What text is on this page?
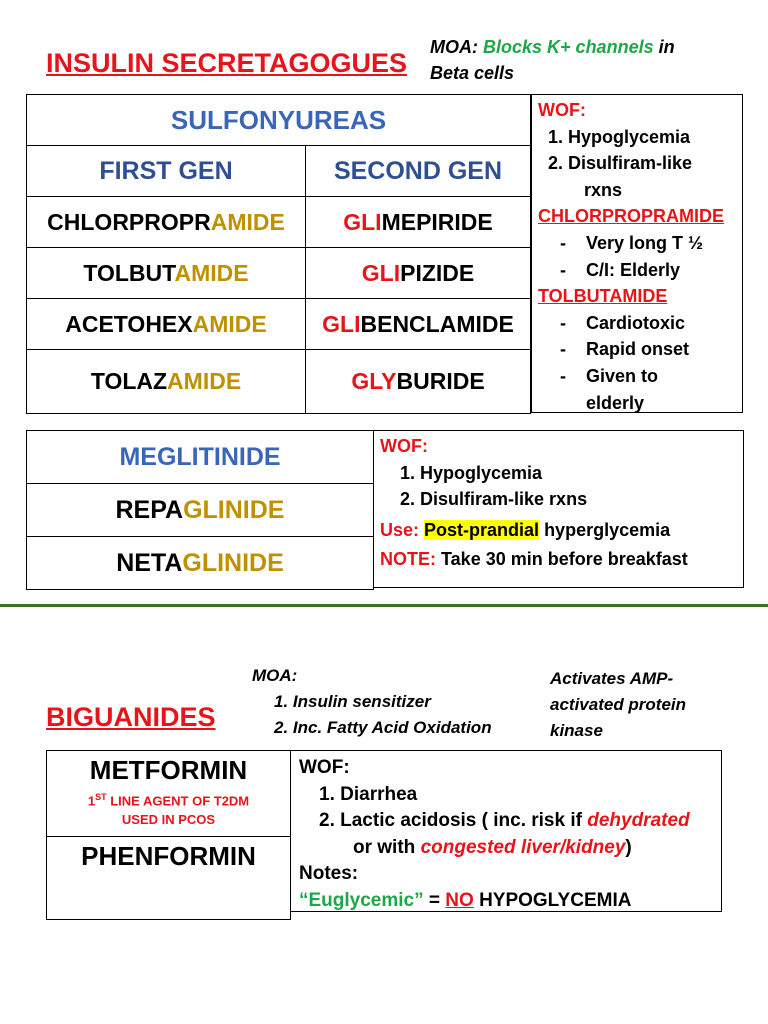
INSULIN SECRETAGOGUES
MOA: Blocks K+ channels in
Beta cells
SULFONYUREAS	
FIRST GEN	SECOND GEN
CHLORPROPRAMIDE	GLIMEPIRIDE
TOLBUTAMIDE	GLIPIZIDE
ACETOHEXAMIDE	GLIBENCLAMIDE
TOLAZAMIDE	GLYBURIDE
WOF:
1. Hypoglycemia
2. Disulfiram-like
rxns
CHLORPROPRAMIDE
- Very long T ½
- C/I: Elderly
TOLBUTAMIDE
- Cardiotoxic
- Rapid onset
- Given to
elderly
MEGLITINIDE
REPAGLINIDE
NETAGLINIDE
WOF:
1. Hypoglycemia
2. Disulfiram-like rxns
Use: Post-prandial hyperglycemia
NOTE: Take 30 min before breakfast
MOA:
1. Insulin sensitizer
2. Inc. Fatty Acid Oxidation
Activates AMP-
activated protein
kinase
BIGUANIDES
METFORMIN
1ST LINE AGENT OF T2DM
USED IN PCOS

PHENFORMIN
WOF:
1. Diarrhea
2. Lactic acidosis ( inc. risk if dehydrated
or with congested liver/kidney)
Notes:
“Euglycemic” = NO HYPOGLYCEMIA
